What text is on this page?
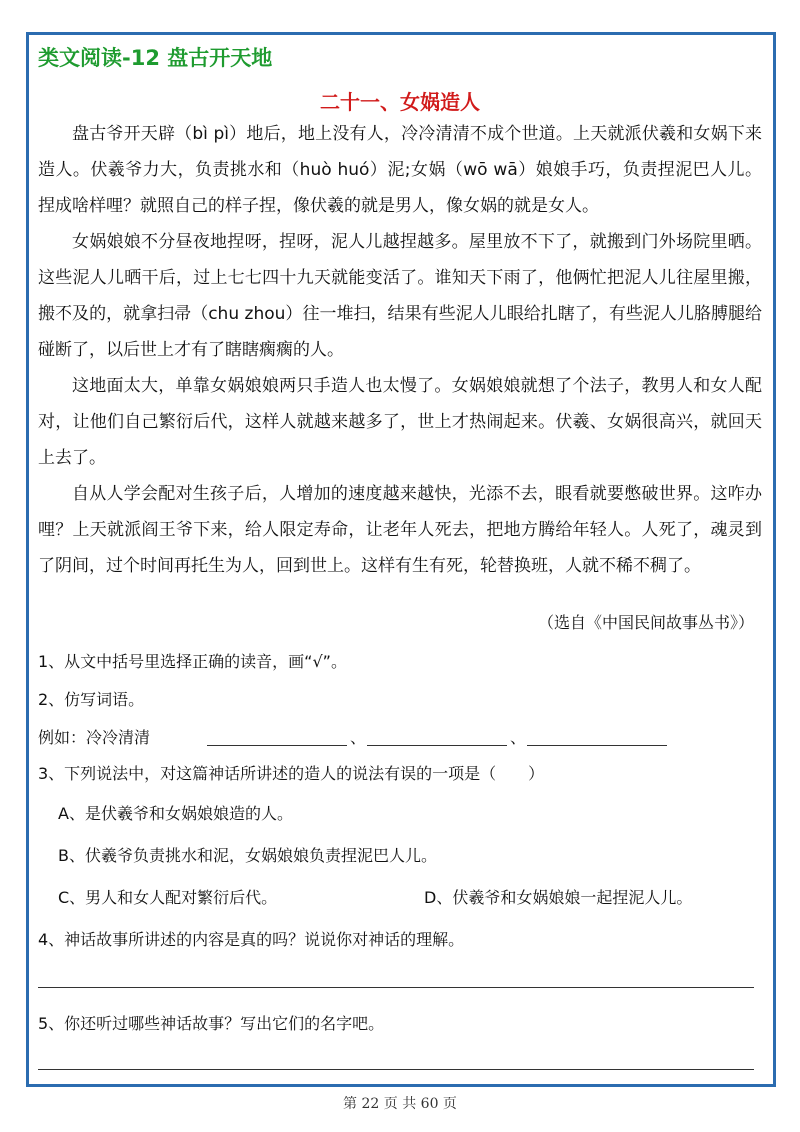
类文阅读-12 盘古开天地
二十一、女娲造人

盘古爷开天辟（bì pì）地后，地上没有人，冷冷清清不成个世道。上天就派伏羲和女娲下来造人。伏羲爷力大，负责挑水和（huò huó）泥;女娲（wō wā）娘娘手巧，负责捏泥巴人儿。捏成啥样哩？就照自己的样子捏，像伏羲的就是男人，像女娲的就是女人。

女娲娘娘不分昼夜地捏呀，捏呀，泥人儿越捏越多。屋里放不下了，就搬到门外场院里晒。这些泥人儿晒干后，过上七七四十九天就能变活了。谁知天下雨了，他俩忙把泥人儿往屋里搬，搬不及的，就拿扫帚（chu zhou）往一堆扫，结果有些泥人儿眼给扎瞎了，有些泥人儿胳膊腿给碰断了，以后世上才有了瞎瞎瘸瘸的人。

这地面太大，单靠女娲娘娘两只手造人也太慢了。女娲娘娘就想了个法子，教男人和女人配对，让他们自己繁衍后代，这样人就越来越多了，世上才热闹起来。伏羲、女娲很高兴，就回天上去了。

自从人学会配对生孩子后，人增加的速度越来越快，光添不去，眼看就要憋破世界。这咋办哩？上天就派阎王爷下来，给人限定寿命，让老年人死去，把地方腾给年轻人。人死了，魂灵到了阴间，过个时间再托生为人，回到世上。这样有生有死，轮替换班，人就不稀不稠了。

（选自《中国民间故事丛书》）
1、从文中括号里选择正确的读音，画“√”。
2、仿写词语。
例如：冷冷清清	、	、
3、下列说法中，对这篇神话所讲述的造人的说法有误的一项是（　　）
A、是伏羲爷和女娲娘娘造的人。
B、伏羲爷负责挑水和泥，女娲娘娘负责捏泥巴人儿。
C、男人和女人配对繁衍后代。	D、伏羲爷和女娲娘娘一起捏泥人儿。
4、神话故事所讲述的内容是真的吗？说说你对神话的理解。
5、你还听过哪些神话故事？写出它们的名字吧。
第 22 页 共 60 页
